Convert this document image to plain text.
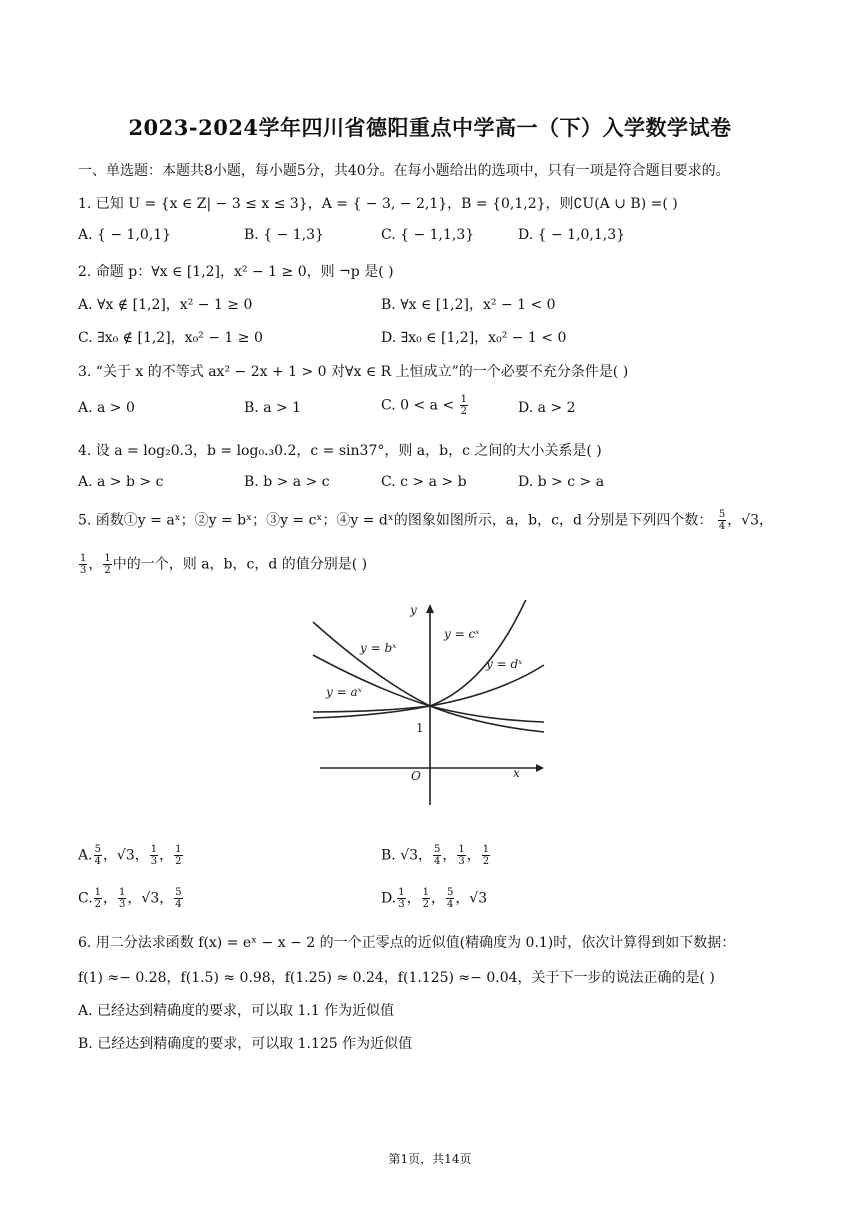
2023-2024学年四川省德阳重点中学高一（下）入学数学试卷
一、单选题：本题共8小题，每小题5分，共40分。在每小题给出的选项中，只有一项是符合题目要求的。
1. 已知 U = {x ∈ Z| − 3 ≤ x ≤ 3}，A = { − 3, − 2,1}，B = {0,1,2}，则∁U(A ∪ B) =( )
A. { − 1,0,1}	B. { − 1,3}	C. { − 1,1,3}	D. { − 1,0,1,3}
2. 命题 p：∀x ∈ [1,2]，x² − 1 ≥ 0，则 ¬p 是( )
A. ∀x ∉ [1,2]，x² − 1 ≥ 0	B. ∀x ∈ [1,2]，x² − 1 < 0
C. ∃x₀ ∉ [1,2]，x₀² − 1 ≥ 0	D. ∃x₀ ∈ [1,2]，x₀² − 1 < 0
3. “关于 x 的不等式 ax² − 2x + 1 > 0 对∀x ∈ R 上恒成立”的一个必要不充分条件是( )
A. a > 0	B. a > 1	C. $0 < a < \frac{1}{2}$	D. a > 2
4. 设 a = log₂0.3，b = log₀.₃0.2，c = sin37°，则 a，b，c 之间的大小关系是( )
A. a > b > c	B. b > a > c	C. c > a > b	D. b > c > a
5. 函数①y = aˣ；②y = bˣ；③y = cˣ；④y = dˣ的图象如图所示，a，b，c，d 分别是下列四个数： $\frac{5}{4}$ ，√3，
$\frac{1}{3}$ ， $\frac{1}{2}$ 中的一个，则 a，b，c，d 的值分别是( )
y
x
O
1
y = bˣ
y = cˣ
y = dˣ
y = aˣ
A. $\frac{5}{4}$ ，√3， $\frac{1}{3}$ ， $\frac{1}{2}$	B. √3， $\frac{5}{4}$ ， $\frac{1}{3}$ ， $\frac{1}{2}$
C. $\frac{1}{2}$ ， $\frac{1}{3}$ ，√3， $\frac{5}{4}$	D. $\frac{1}{3}$ ， $\frac{1}{2}$ ， $\frac{5}{4}$ ，√3
6. 用二分法求函数 f(x) = eˣ − x − 2 的一个正零点的近似值(精确度为 0.1)时，依次计算得到如下数据：
f(1) ≈− 0.28，f(1.5) ≈ 0.98，f(1.25) ≈ 0.24，f(1.125) ≈− 0.04，关于下一步的说法正确的是( )
A. 已经达到精确度的要求，可以取 1.1 作为近似值
B. 已经达到精确度的要求，可以取 1.125 作为近似值
第1页，共14页
